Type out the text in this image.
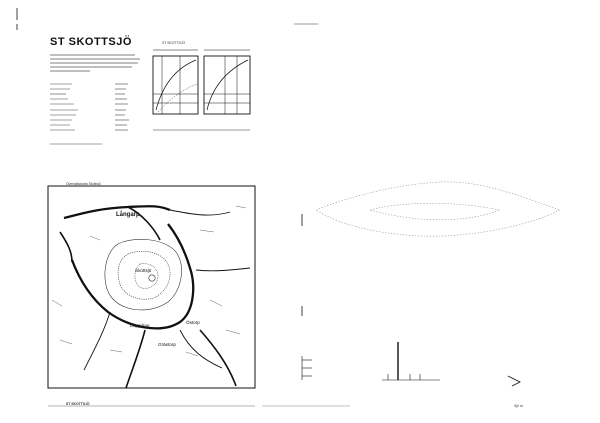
ST SKOTTSJÖ	ST SKOTTSJÖ
Översiktskarta Skottsjö
Långarp
Skottsjö
Läggdrap
Östorp
Grästorp
ST SKOTTSJÖ	Sjö nr
